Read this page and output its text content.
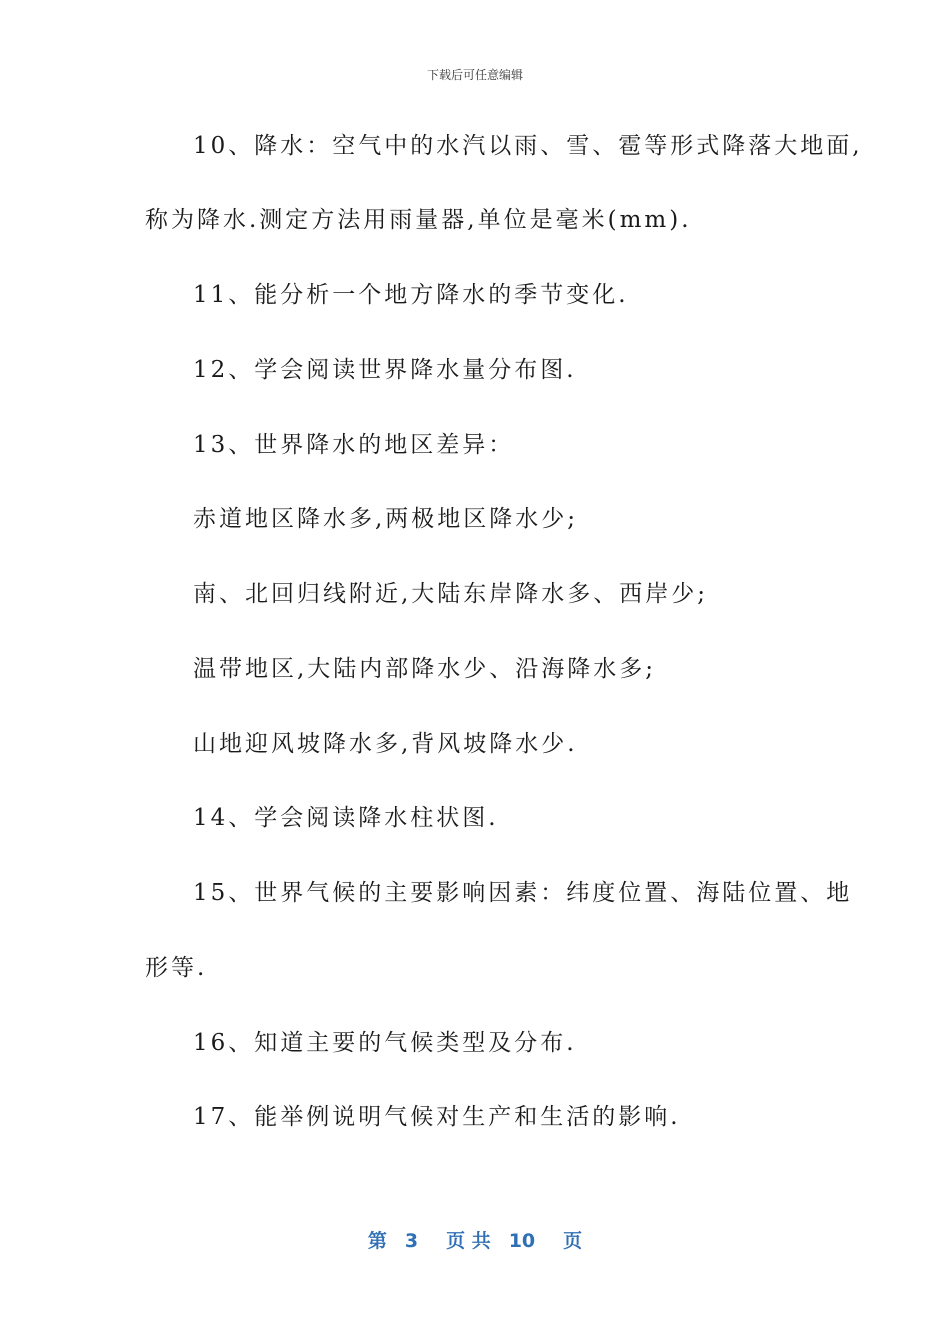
下载后可任意编辑
10、降水：空气中的水汽以雨、雪、雹等形式降落大地面,
称为降水.测定方法用雨量器,单位是毫米(mm).
11、能分析一个地方降水的季节变化.
12、学会阅读世界降水量分布图.
13、世界降水的地区差异：
赤道地区降水多,两极地区降水少;
南、北回归线附近,大陆东岸降水多、西岸少;
温带地区,大陆内部降水少、沿海降水多;
山地迎风坡降水多,背风坡降水少.
14、学会阅读降水柱状图.
15、世界气候的主要影响因素：纬度位置、海陆位置、地
形等.
16、知道主要的气候类型及分布.
17、能举例说明气候对生产和生活的影响.
第 3 页 共 10 页
